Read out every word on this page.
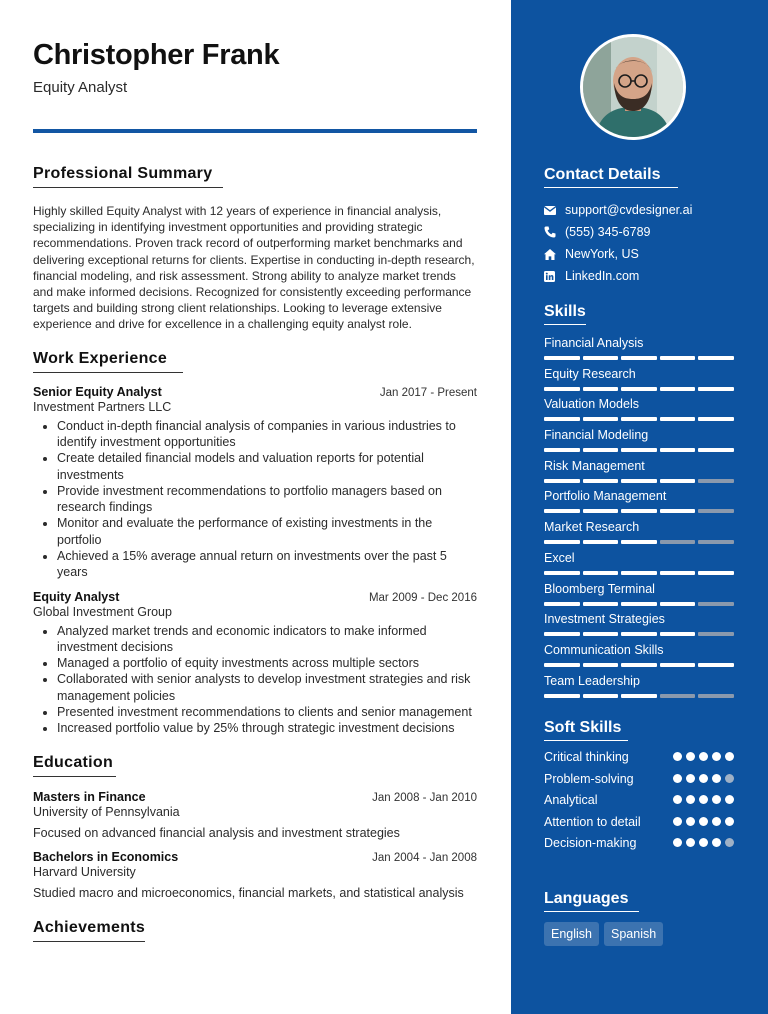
Christopher Frank
Equity Analyst
Professional Summary

Highly skilled Equity Analyst with 12 years of experience in financial analysis, specializing in identifying investment opportunities and providing strategic recommendations. Proven track record of outperforming market benchmarks and delivering exceptional returns for clients. Expertise in conducting in-depth research, financial modeling, and risk assessment. Strong ability to analyze market trends and make informed decisions. Recognized for consistently exceeding performance targets and building strong client relationships. Looking to leverage extensive experience and drive for excellence in a challenging equity analyst role.

Work Experience
Senior Equity Analyst	Jan 2017 - Present
Investment Partners LLC
• Conduct in-depth financial analysis of companies in various industries to identify investment opportunities
• Create detailed financial models and valuation reports for potential investments
• Provide investment recommendations to portfolio managers based on research findings
• Monitor and evaluate the performance of existing investments in the portfolio
• Achieved a 15% average annual return on investments over the past 5 years
Equity Analyst	Mar 2009 - Dec 2016
Global Investment Group
• Analyzed market trends and economic indicators to make informed investment decisions
• Managed a portfolio of equity investments across multiple sectors
• Collaborated with senior analysts to develop investment strategies and risk management policies
• Presented investment recommendations to clients and senior management
• Increased portfolio value by 25% through strategic investment decisions
Education
Masters in Finance	Jan 2008 - Jan 2010
University of Pennsylvania

Focused on advanced financial analysis and investment strategies

Bachelors in Economics	Jan 2004 - Jan 2008
Harvard University

Studied macro and microeconomics, financial markets, and statistical analysis

Achievements
Contact Details
support@cvdesigner.ai
(555) 345-6789
NewYork, US
LinkedIn.com
Skills
Financial Analysis
Equity Research
Valuation Models
Financial Modeling
Risk Management
Portfolio Management
Market Research
Excel
Bloomberg Terminal
Investment Strategies
Communication Skills
Team Leadership
Soft Skills
Critical thinking
Problem-solving
Analytical
Attention to detail
Decision-making
Languages
English	Spanish
